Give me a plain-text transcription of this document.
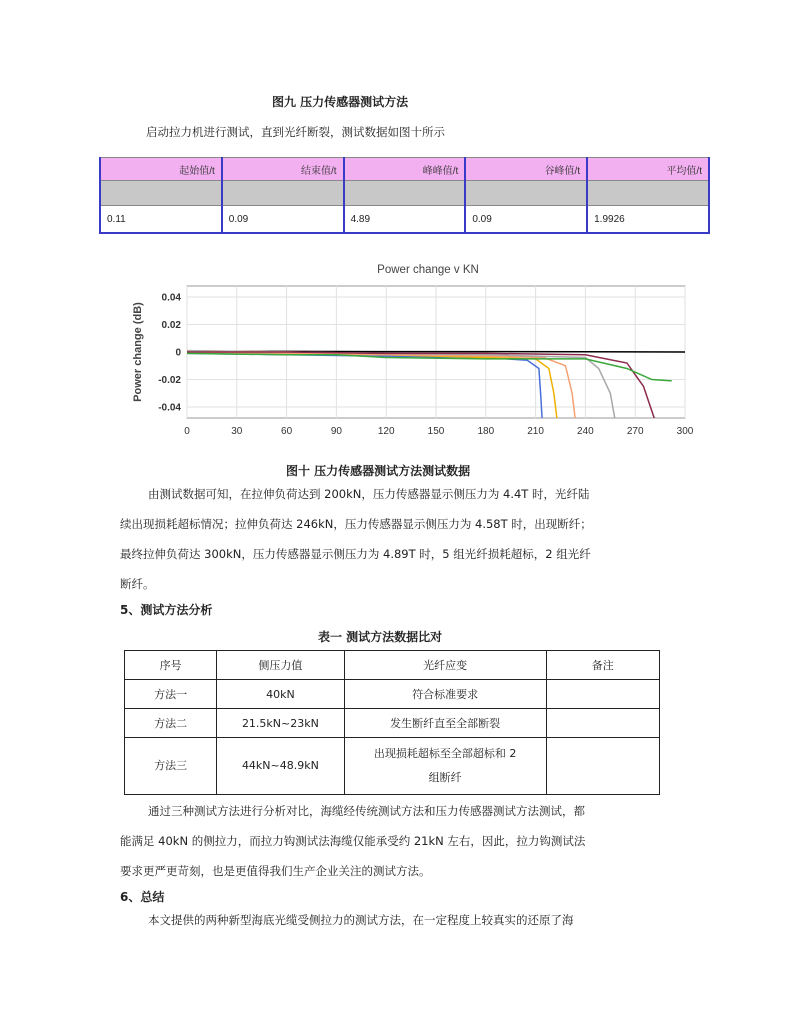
图九 压力传感器测试方法
启动拉力机进行测试，直到光纤断裂，测试数据如图十所示
起始值/t	结束值/t	峰峰值/t	谷峰值/t	平均值/t

0.11	0.09	4.89	0.09	1.9926
0	30	60	90	120	150	180	210	240	270	300
0.04
0.02
0
-0.02
-0.04
Power change v KN
Power change (dB)
图十 压力传感器测试方法测试数据

由测试数据可知，在拉伸负荷达到 200kN，压力传感器显示侧压力为 4.4T 时，光纤陆

续出现损耗超标情况；拉伸负荷达 246kN，压力传感器显示侧压力为 4.58T 时，出现断纤；

最终拉伸负荷达 300kN，压力传感器显示侧压力为 4.89T 时，5 组光纤损耗超标，2 组光纤

断纤。

5、测试方法分析
表一 测试方法数据比对
序号	侧压力值	光纤应变	备注
方法一	40kN	符合标准要求	
方法二	21.5kN~23kN	发生断纤直至全部断裂	
方法三	44kN~48.9kN	出现损耗超标至全部超标和 2
组断纤	

通过三种测试方法进行分析对比，海缆经传统测试方法和压力传感器测试方法测试，都

能满足 40kN 的侧拉力，而拉力钩测试法海缆仅能承受约 21kN 左右，因此，拉力钩测试法

要求更严更苛刻，也是更值得我们生产企业关注的测试方法。

6、总结

本文提供的两种新型海底光缆受侧拉力的测试方法，在一定程度上较真实的还原了海
